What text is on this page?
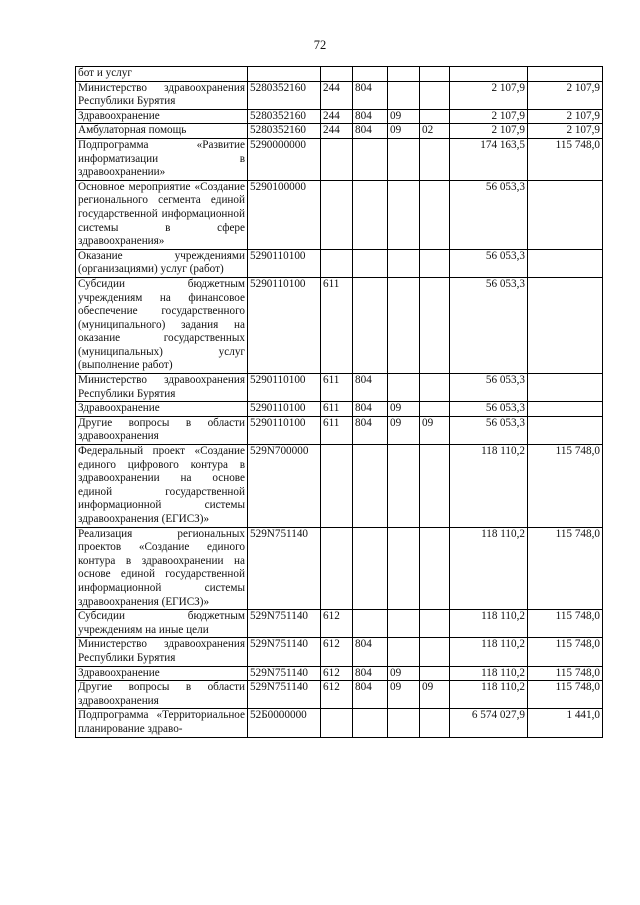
72
бот и услуг							
Министерство здравоохранения Республики Бурятия	5280352160	244	804			2 107,9	2 107,9
Здравоохранение	5280352160	244	804	09		2 107,9	2 107,9
Амбулаторная помощь	5280352160	244	804	09	02	2 107,9	2 107,9
Подпрограмма «Развитие информатизации в здравоохранении»	5290000000					174 163,5	115 748,0
Основное мероприятие «Создание регионального сегмента единой государственной информационной системы в сфере здравоохранения»	5290100000					56 053,3	
Оказание учреждениями (организациями) услуг (работ)	5290110100					56 053,3	
Субсидии бюджетным учреждениям на финансовое обеспечение государственного (муниципального) задания на оказание государственных (муниципальных) услуг (выполнение работ)	5290110100	611				56 053,3	
Министерство здравоохранения Республики Бурятия	5290110100	611	804			56 053,3	
Здравоохранение	5290110100	611	804	09		56 053,3	
Другие вопросы в области здравоохранения	5290110100	611	804	09	09	56 053,3	
Федеральный проект «Создание единого цифрового контура в здравоохранении на основе единой государственной информационной системы здравоохранения (ЕГИСЗ)»	529N700000					118 110,2	115 748,0
Реализация региональных проектов «Создание единого контура в здравоохранении на основе единой государственной информационной системы здравоохранения (ЕГИСЗ)»	529N751140					118 110,2	115 748,0
Субсидии бюджетным учреждениям на иные цели	529N751140	612				118 110,2	115 748,0
Министерство здравоохранения Республики Бурятия	529N751140	612	804			118 110,2	115 748,0
Здравоохранение	529N751140	612	804	09		118 110,2	115 748,0
Другие вопросы в области здравоохранения	529N751140	612	804	09	09	118 110,2	115 748,0
Подпрограмма «Территориальное планирование здраво-	52Б0000000					6 574 027,9	1 441,0
